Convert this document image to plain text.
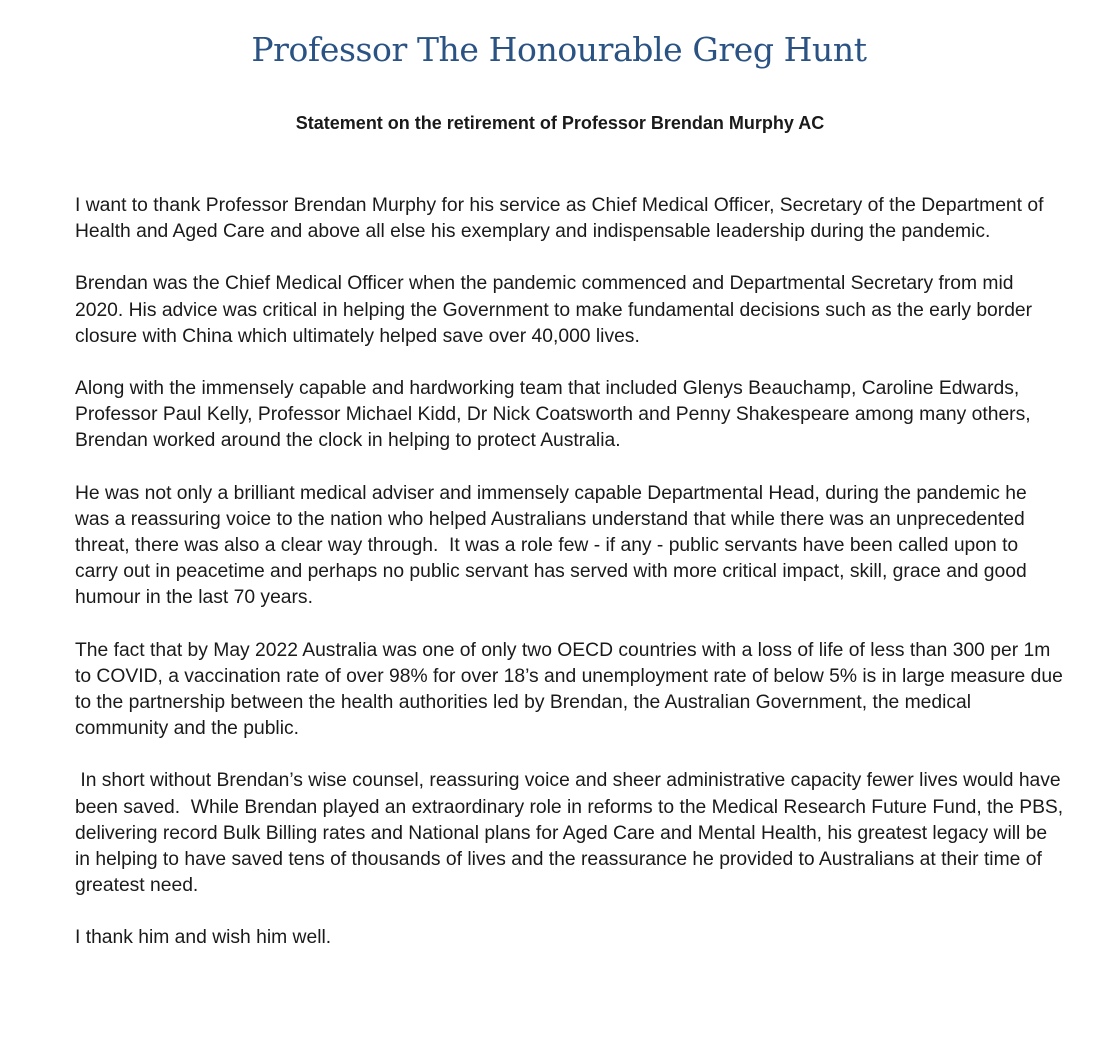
Professor The Honourable Greg Hunt
Statement on the retirement of Professor Brendan Murphy AC

I want to thank Professor Brendan Murphy for his service as Chief Medical Officer, Secretary of the Department of Health and Aged Care and above all else his exemplary and indispensable leadership during the pandemic.

Brendan was the Chief Medical Officer when the pandemic commenced and Departmental Secretary from mid 2020. His advice was critical in helping the Government to make fundamental decisions such as the early border closure with China which ultimately helped save over 40,000 lives.

Along with the immensely capable and hardworking team that included Glenys Beauchamp, Caroline Edwards, Professor Paul Kelly, Professor Michael Kidd, Dr Nick Coatsworth and Penny Shakespeare among many others, Brendan worked around the clock in helping to protect Australia.

He was not only a brilliant medical adviser and immensely capable Departmental Head, during the pandemic he was a reassuring voice to the nation who helped Australians understand that while there was an unprecedented threat, there was also a clear way through.  It was a role few - if any - public servants have been called upon to carry out in peacetime and perhaps no public servant has served with more critical impact, skill, grace and good humour in the last 70 years.

The fact that by May 2022 Australia was one of only two OECD countries with a loss of life of less than 300 per 1m to COVID, a vaccination rate of over 98% for over 18’s and unemployment rate of below 5% is in large measure due to the partnership between the health authorities led by Brendan, the Australian Government, the medical community and the public.

In short without Brendan’s wise counsel, reassuring voice and sheer administrative capacity fewer lives would have been saved.  While Brendan played an extraordinary role in reforms to the Medical Research Future Fund, the PBS, delivering record Bulk Billing rates and National plans for Aged Care and Mental Health, his greatest legacy will be in helping to have saved tens of thousands of lives and the reassurance he provided to Australians at their time of greatest need.

I thank him and wish him well.
